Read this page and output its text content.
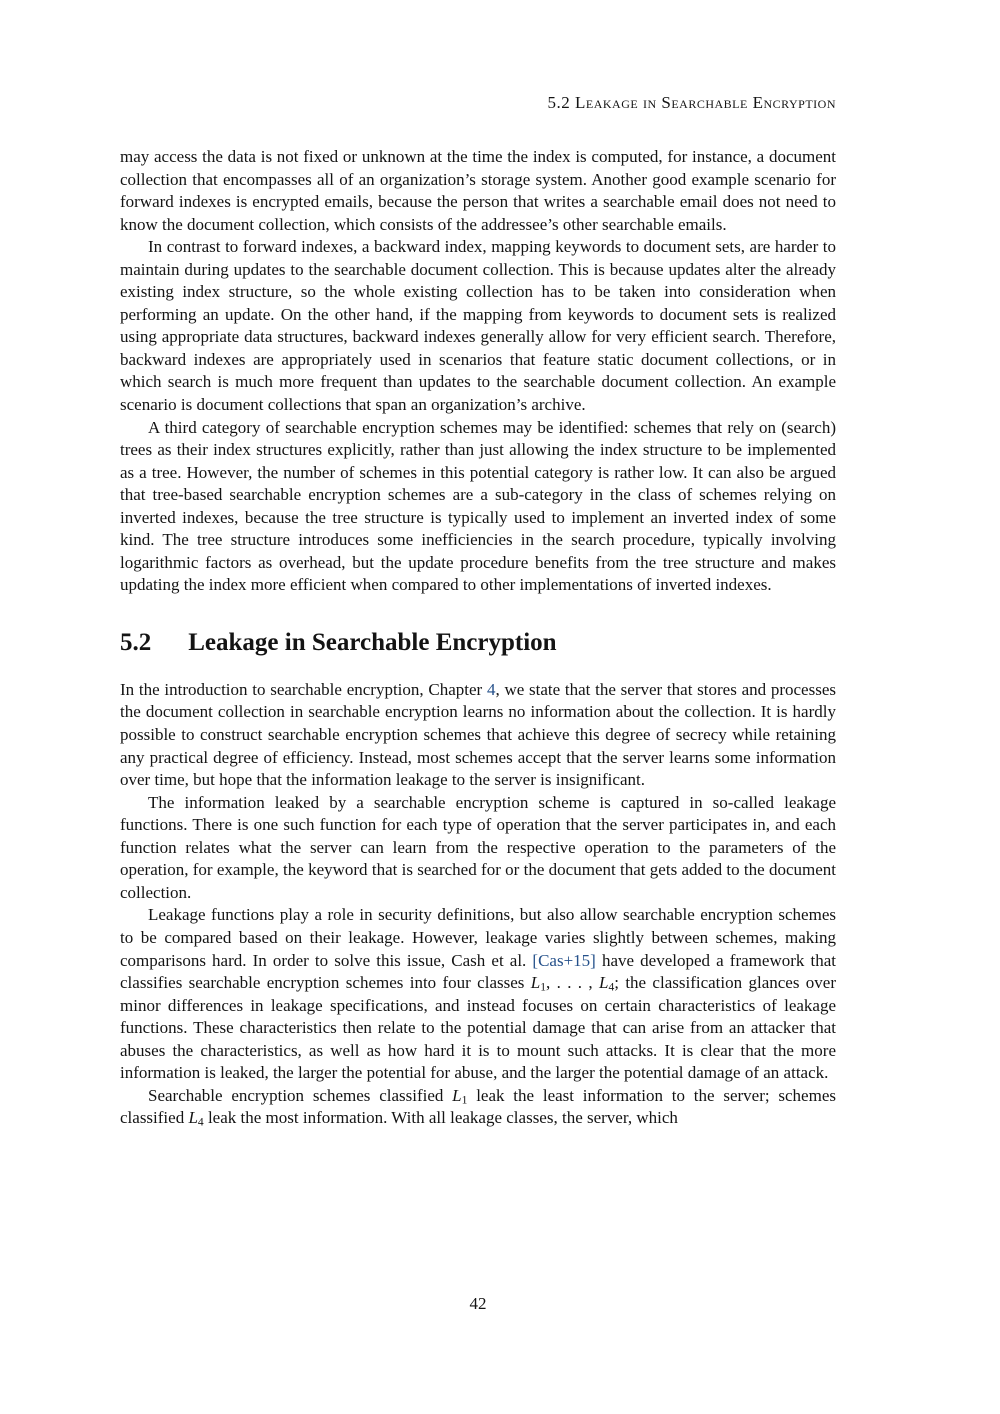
5.2 Leakage in Searchable Encryption

may access the data is not fixed or unknown at the time the index is computed, for instance, a document collection that encompasses all of an organization’s storage system. Another good example scenario for forward indexes is encrypted emails, because the person that writes a searchable email does not need to know the document collection, which consists of the addressee’s other searchable emails.

In contrast to forward indexes, a backward index, mapping keywords to document sets, are harder to maintain during updates to the searchable document collection. This is because updates alter the already existing index structure, so the whole existing collection has to be taken into consideration when performing an update. On the other hand, if the mapping from keywords to document sets is realized using appropriate data structures, backward indexes generally allow for very efficient search. Therefore, backward indexes are appropriately used in scenarios that feature static document collections, or in which search is much more frequent than updates to the searchable document collection. An example scenario is document collections that span an organization’s archive.

A third category of searchable encryption schemes may be identified: schemes that rely on (search) trees as their index structures explicitly, rather than just allowing the index structure to be implemented as a tree. However, the number of schemes in this potential category is rather low. It can also be argued that tree-based searchable encryption schemes are a sub-category in the class of schemes relying on inverted indexes, because the tree structure is typically used to implement an inverted index of some kind. The tree structure introduces some inefficiencies in the search procedure, typically involving logarithmic factors as overhead, but the update procedure benefits from the tree structure and makes updating the index more efficient when compared to other implementations of inverted indexes.

5.2 Leakage in Searchable Encryption

In the introduction to searchable encryption, Chapter 4, we state that the server that stores and processes the document collection in searchable encryption learns no information about the collection. It is hardly possible to construct searchable encryption schemes that achieve this degree of secrecy while retaining any practical degree of efficiency. Instead, most schemes accept that the server learns some information over time, but hope that the information leakage to the server is insignificant.

The information leaked by a searchable encryption scheme is captured in so-called leakage functions. There is one such function for each type of operation that the server participates in, and each function relates what the server can learn from the respective operation to the parameters of the operation, for example, the keyword that is searched for or the document that gets added to the document collection.

Leakage functions play a role in security definitions, but also allow searchable encryption schemes to be compared based on their leakage. However, leakage varies slightly between schemes, making comparisons hard. In order to solve this issue, Cash et al. [Cas+15] have developed a framework that classifies searchable encryption schemes into four classes L1, . . . , L4; the classification glances over minor differences in leakage specifications, and instead focuses on certain characteristics of leakage functions. These characteristics then relate to the potential damage that can arise from an attacker that abuses the characteristics, as well as how hard it is to mount such attacks. It is clear that the more information is leaked, the larger the potential for abuse, and the larger the potential damage of an attack.

Searchable encryption schemes classified L1 leak the least information to the server; schemes classified L4 leak the most information. With all leakage classes, the server, which

42
